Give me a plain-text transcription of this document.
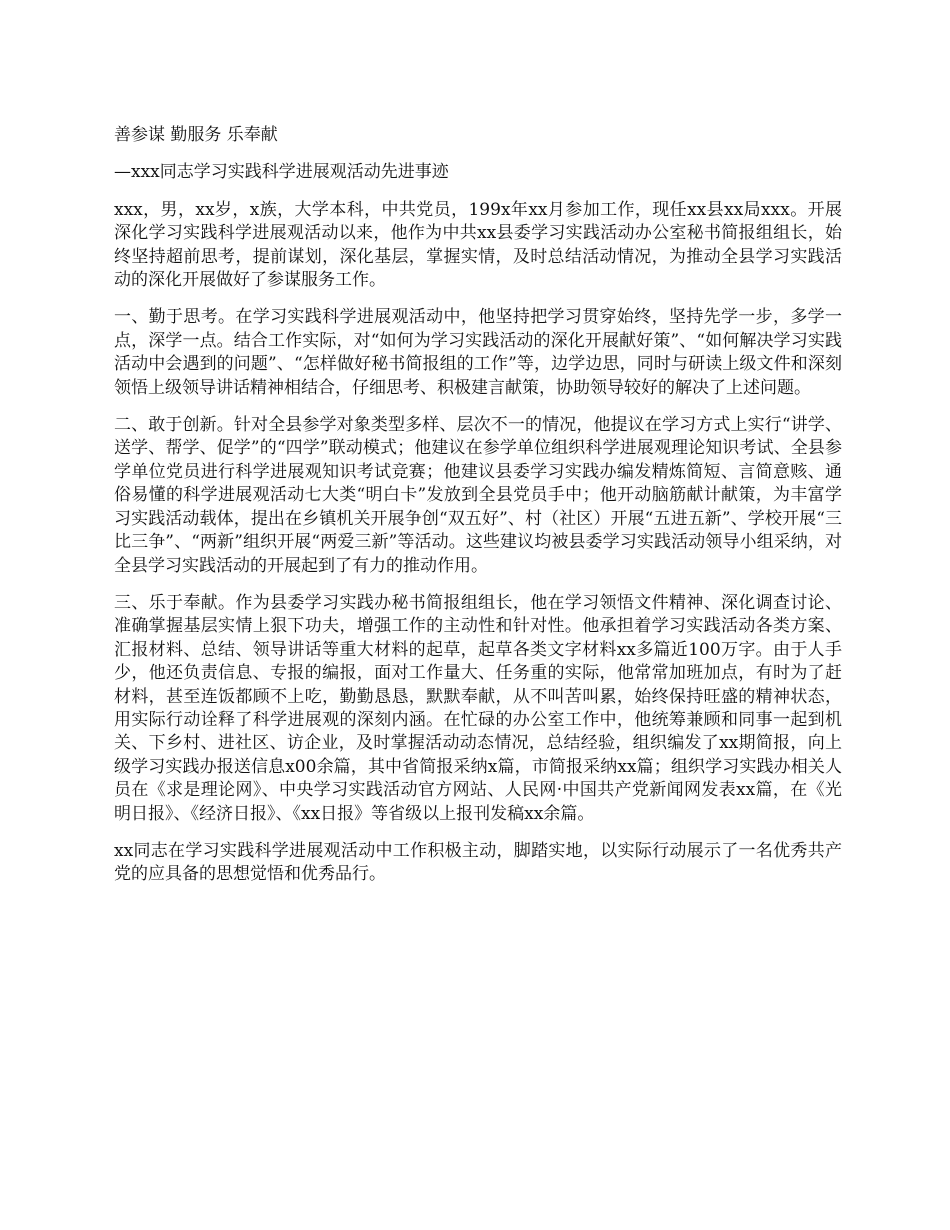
善参谋 勤服务 乐奉献
—xxx同志学习实践科学进展观活动先进事迹
xxx，男，xx岁，x族，大学本科，中共党员，199x年xx月参加工作，现任xx县xx局xxx。开展深化学习实践科学进展观活动以来，他作为中共xx县委学习实践活动办公室秘书简报组组长，始终坚持超前思考，提前谋划，深化基层，掌握实情，及时总结活动情况，为推动全县学习实践活动的深化开展做好了参谋服务工作。
一、勤于思考。在学习实践科学进展观活动中，他坚持把学习贯穿始终，坚持先学一步，多学一点，深学一点。结合工作实际，对“如何为学习实践活动的深化开展献好策”、“如何解决学习实践活动中会遇到的问题”、“怎样做好秘书简报组的工作”等，边学边思，同时与研读上级文件和深刻领悟上级领导讲话精神相结合，仔细思考、积极建言献策，协助领导较好的解决了上述问题。
二、敢于创新。针对全县参学对象类型多样、层次不一的情况，他提议在学习方式上实行“讲学、送学、帮学、促学”的“四学”联动模式；他建议在参学单位组织科学进展观理论知识考试、全县参学单位党员进行科学进展观知识考试竞赛；他建议县委学习实践办编发精炼简短、言简意赅、通俗易懂的科学进展观活动七大类“明白卡”发放到全县党员手中；他开动脑筋献计献策，为丰富学习实践活动载体，提出在乡镇机关开展争创“双五好”、村（社区）开展“五进五新”、学校开展“三比三争”、“两新”组织开展“两爱三新”等活动。这些建议均被县委学习实践活动领导小组采纳，对全县学习实践活动的开展起到了有力的推动作用。
三、乐于奉献。作为县委学习实践办秘书简报组组长，他在学习领悟文件精神、深化调查讨论、准确掌握基层实情上狠下功夫，增强工作的主动性和针对性。他承担着学习实践活动各类方案、汇报材料、总结、领导讲话等重大材料的起草，起草各类文字材料xx多篇近100万字。由于人手少，他还负责信息、专报的编报，面对工作量大、任务重的实际，他常常加班加点，有时为了赶材料，甚至连饭都顾不上吃，勤勤恳恳，默默奉献，从不叫苦叫累，始终保持旺盛的精神状态，用实际行动诠释了科学进展观的深刻内涵。在忙碌的办公室工作中，他统筹兼顾和同事一起到机关、下乡村、进社区、访企业，及时掌握活动动态情况，总结经验，组织编发了xx期简报，向上级学习实践办报送信息x00余篇，其中省简报采纳x篇，市简报采纳xx篇；组织学习实践办相关人员在《求是理论网》、中央学习实践活动官方网站、人民网·中国共产党新闻网发表xx篇，在《光明日报》、《经济日报》、《xx日报》等省级以上报刊发稿xx余篇。
xx同志在学习实践科学进展观活动中工作积极主动，脚踏实地，以实际行动展示了一名优秀共产党的应具备的思想觉悟和优秀品行。
